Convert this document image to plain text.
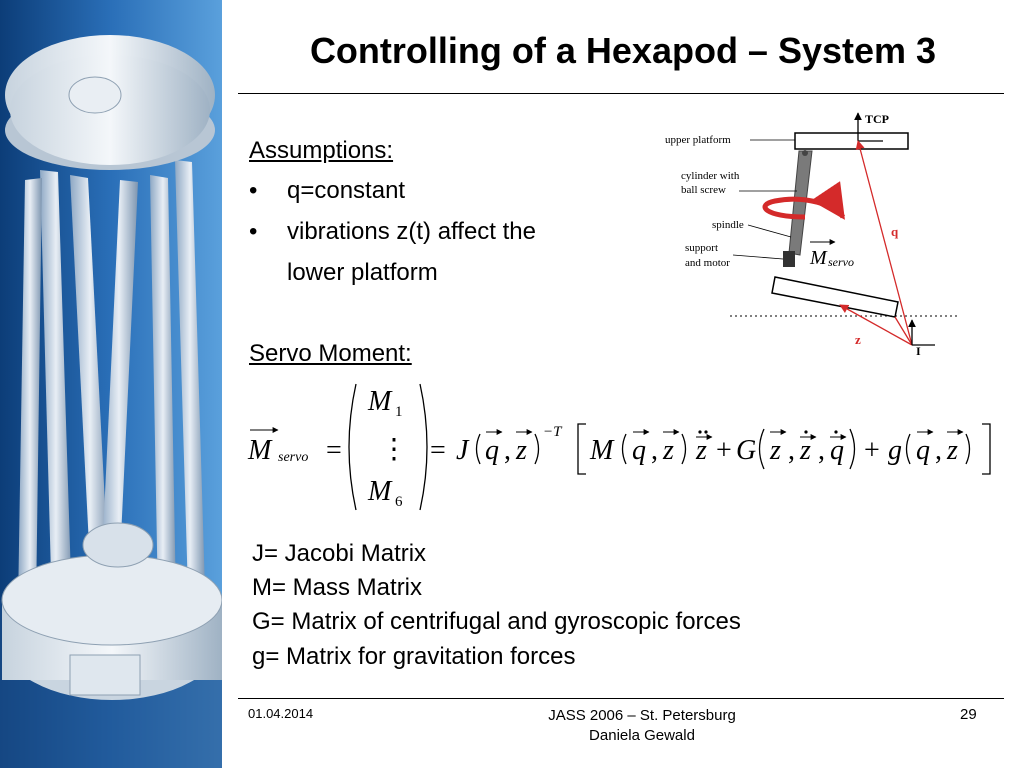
Controlling of a Hexapod – System 3
Assumptions:
• q=constant
• vibrations z(t) affect the
lower platform
TCP
I
q
z
M servo
upper platform
cylinder with
ball screw
spindle
support
and motor
Servo Moment:
M servo =
M 1
⋮
M 6
= J q , z
−T
M q , z z + G z , z , q + g q , z
J= Jacobi Matrix
M= Mass Matrix
G= Matrix of centrifugal and gyroscopic forces
g= Matrix for gravitation forces
01.04.2014	JASS 2006 – St. Petersburg
Daniela Gewald
29
